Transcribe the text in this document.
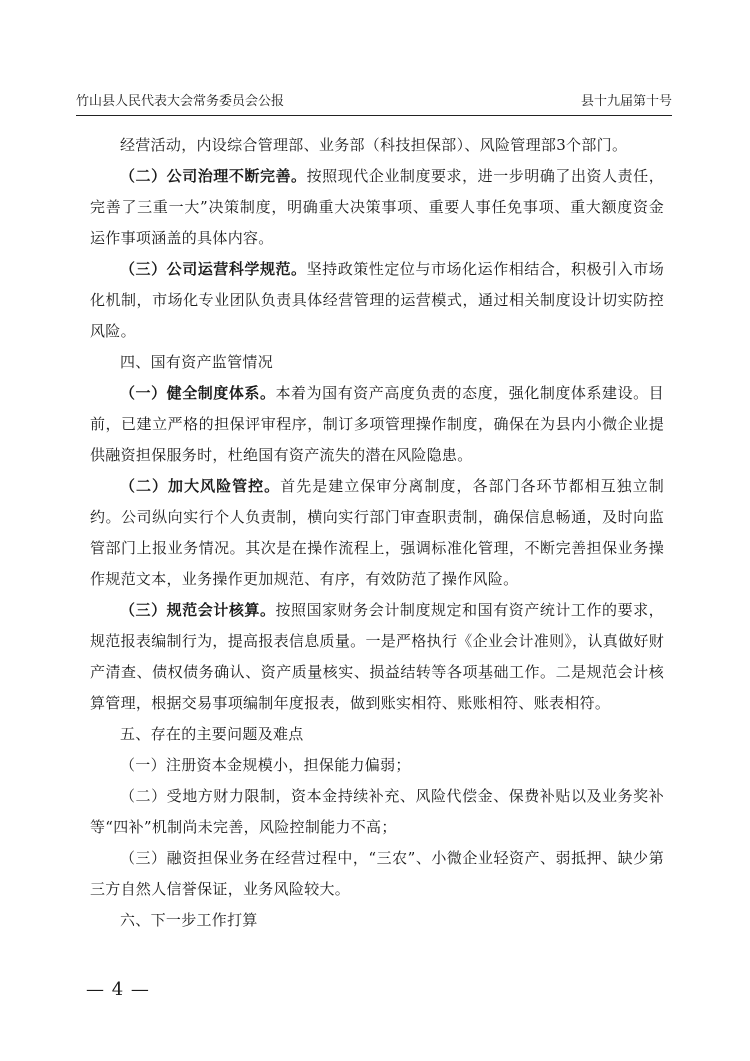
竹山县人民代表大会常务委员会公报	县十九届第十号

经营活动，内设综合管理部、业务部（科技担保部）、风险管理部3个部门。

（二）公司治理不断完善。按照现代企业制度要求，进一步明确了出资人责任，完善了三重一大”决策制度，明确重大决策事项、重要人事任免事项、重大额度资金运作事项涵盖的具体内容。

（三）公司运营科学规范。坚持政策性定位与市场化运作相结合，积极引入市场化机制，市场化专业团队负责具体经营管理的运营模式，通过相关制度设计切实防控风险。

四、国有资产监管情况

（一）健全制度体系。本着为国有资产高度负责的态度，强化制度体系建设。目前，已建立严格的担保评审程序，制订多项管理操作制度，确保在为县内小微企业提供融资担保服务时，杜绝国有资产流失的潜在风险隐患。

（二）加大风险管控。首先是建立保审分离制度，各部门各环节都相互独立制约。公司纵向实行个人负责制，横向实行部门审查职责制，确保信息畅通，及时向监管部门上报业务情况。其次是在操作流程上，强调标准化管理，不断完善担保业务操作规范文本，业务操作更加规范、有序，有效防范了操作风险。

（三）规范会计核算。按照国家财务会计制度规定和国有资产统计工作的要求，规范报表编制行为，提高报表信息质量。一是严格执行《企业会计准则》，认真做好财产清查、债权债务确认、资产质量核实、损益结转等各项基础工作。二是规范会计核算管理，根据交易事项编制年度报表，做到账实相符、账账相符、账表相符。

五、存在的主要问题及难点

（一）注册资本金规模小，担保能力偏弱；

（二）受地方财力限制，资本金持续补充、风险代偿金、保费补贴以及业务奖补等“四补”机制尚未完善，风险控制能力不高；

（三）融资担保业务在经营过程中，“三农”、小微企业轻资产、弱抵押、缺少第三方自然人信誉保证，业务风险较大。

六、下一步工作打算

— 4 —
